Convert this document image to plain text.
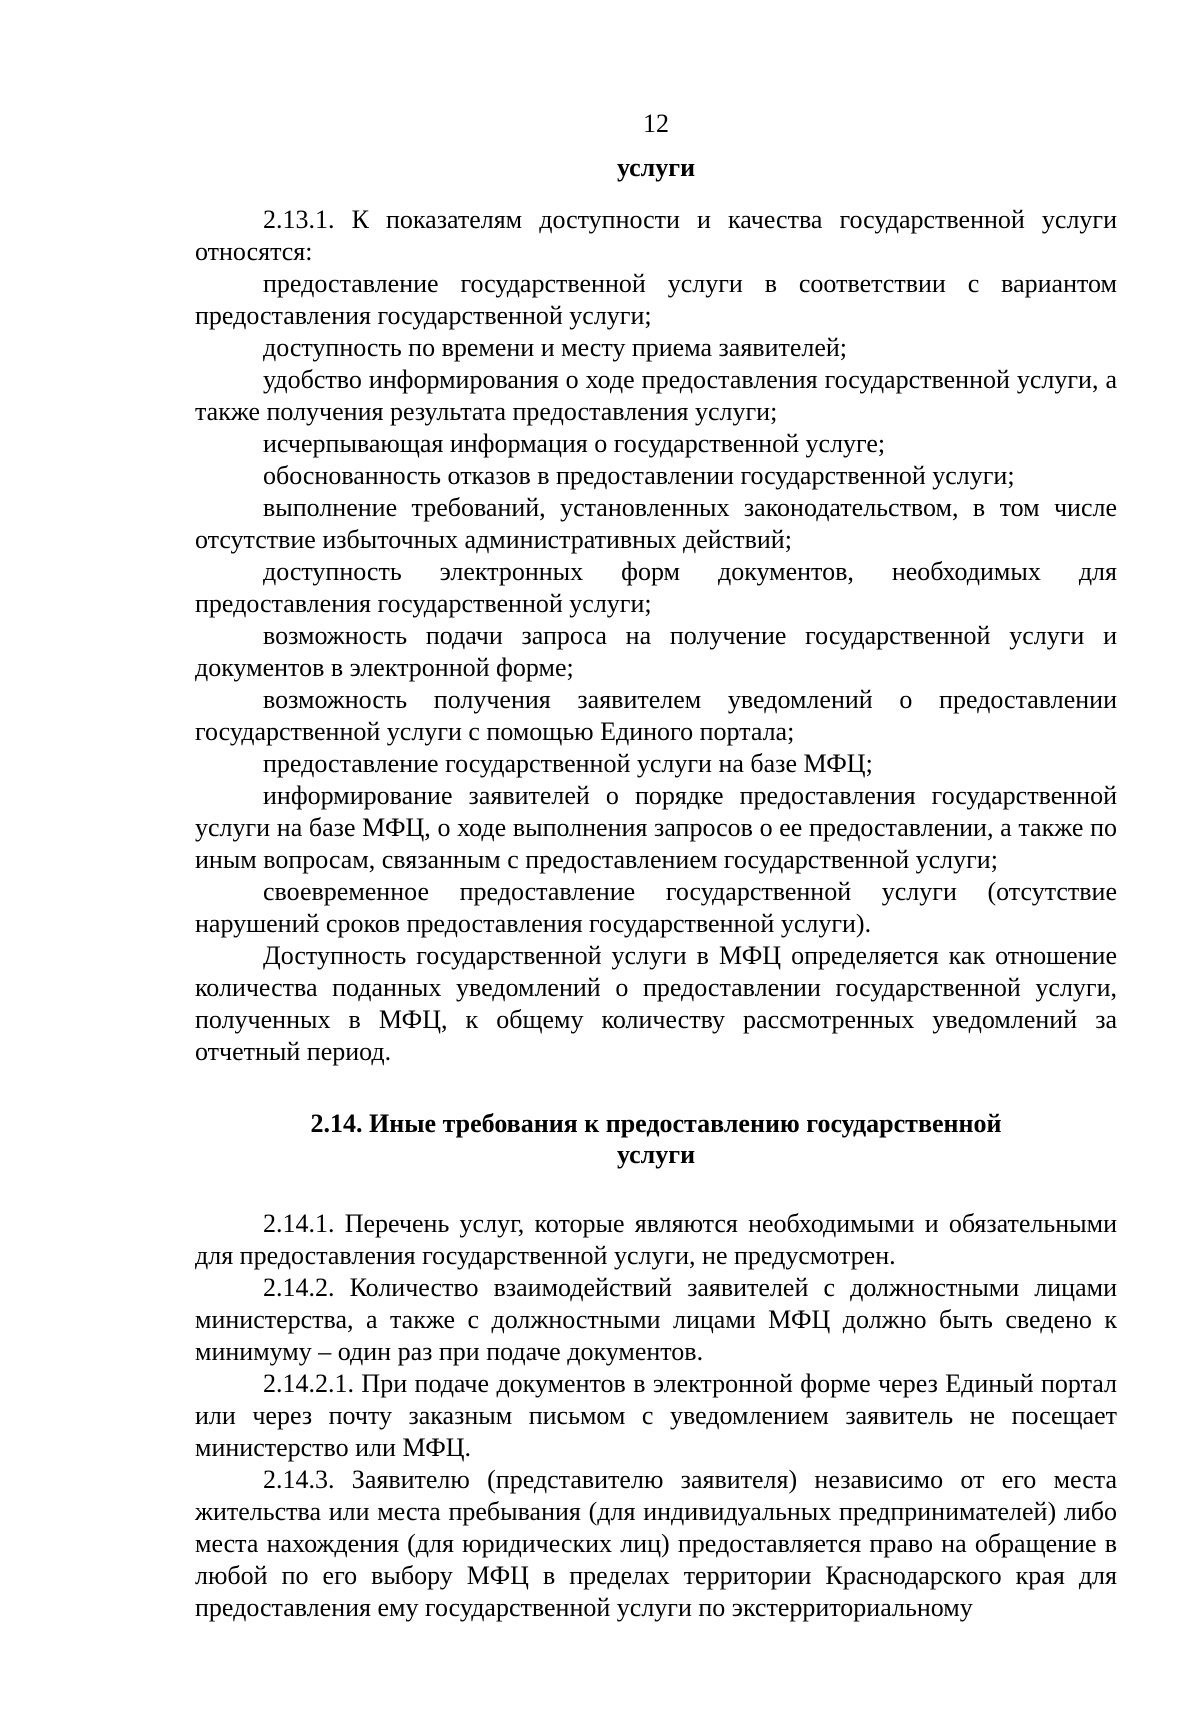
12
услуги

2.13.1. К показателям доступности и качества государственной услуги относятся:

предоставление государственной услуги в соответствии с вариантом предоставления государственной услуги;

доступность по времени и месту приема заявителей;

удобство информирования о ходе предоставления государственной услуги, а также получения результата предоставления услуги;

исчерпывающая информация о государственной услуге;

обоснованность отказов в предоставлении государственной услуги;

выполнение требований, установленных законодательством, в том числе отсутствие избыточных административных действий;

доступность электронных форм документов, необходимых для предоставления государственной услуги;

возможность подачи запроса на получение государственной услуги и документов в электронной форме;

возможность получения заявителем уведомлений о предоставлении государственной услуги с помощью Единого портала;

предоставление государственной услуги на базе МФЦ;

информирование заявителей о порядке предоставления государственной услуги на базе МФЦ, о ходе выполнения запросов о ее предоставлении, а также по иным вопросам, связанным с предоставлением государственной услуги;

своевременное предоставление государственной услуги (отсутствие нарушений сроков предоставления государственной услуги).

Доступность государственной услуги в МФЦ определяется как отношение количества поданных уведомлений о предоставлении государственной услуги, полученных в МФЦ, к общему количеству рассмотренных уведомлений за отчетный период.

2.14. Иные требования к предоставлению государственной
услуги

2.14.1. Перечень услуг, которые являются необходимыми и обязательными для предоставления государственной услуги, не предусмотрен.

2.14.2. Количество взаимодействий заявителей с должностными лицами министерства, а также с должностными лицами МФЦ должно быть сведено к минимуму – один раз при подаче документов.

2.14.2.1. При подаче документов в электронной форме через Единый портал или через почту заказным письмом с уведомлением заявитель не посещает министерство или МФЦ.

2.14.3. Заявителю (представителю заявителя) независимо от его места жительства или места пребывания (для индивидуальных предпринимателей) либо места нахождения (для юридических лиц) предоставляется право на обращение в любой по его выбору МФЦ в пределах территории Краснодарского края для предоставления ему государственной услуги по экстерриториальному
